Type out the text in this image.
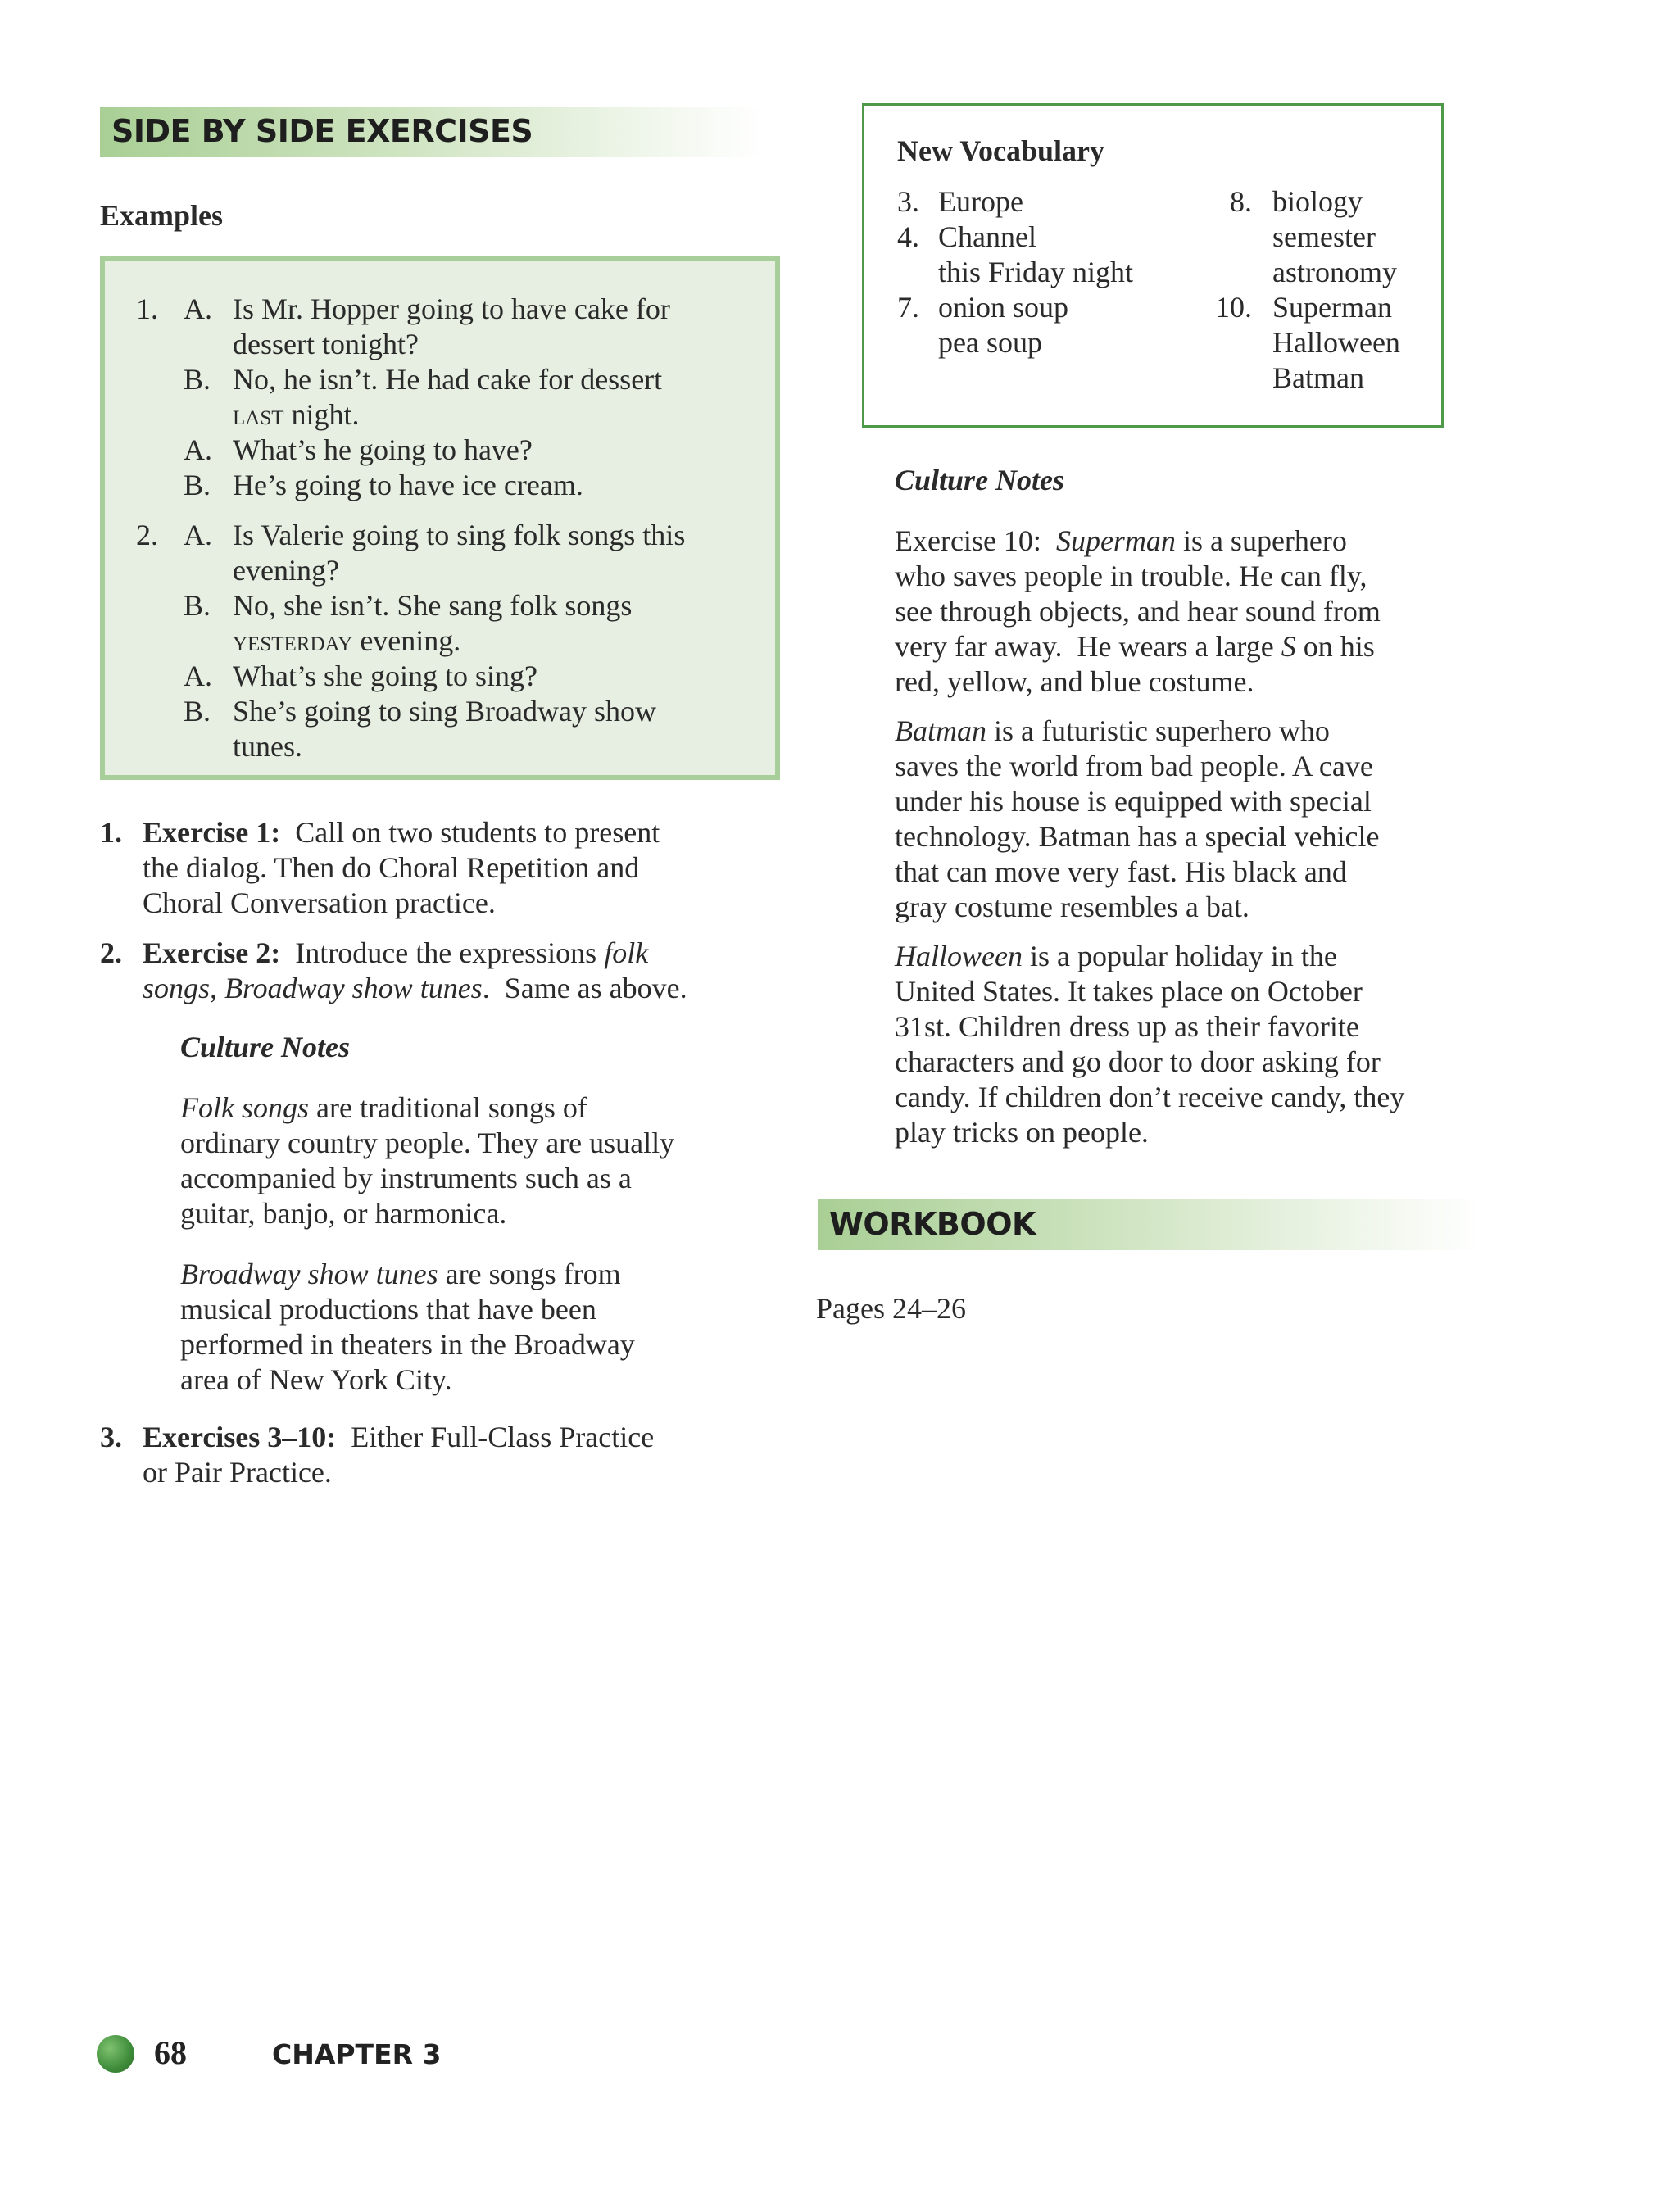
SIDE BY SIDE EXERCISES
Examples
1. A. Is Mr. Hopper going to have cake for
dessert tonight?
B. No, he isn’t. He had cake for dessert
last night.
A. What’s he going to have?
B. He’s going to have ice cream.
2. A. Is Valerie going to sing folk songs this
evening?
B. No, she isn’t. She sang folk songs
yesterday evening.
A. What’s she going to sing?
B. She’s going to sing Broadway show
tunes.
1. Exercise 1:  Call on two students to present
the dialog. Then do Choral Repetition and
Choral Conversation practice.
2. Exercise 2:  Introduce the expressions folk
songs, Broadway show tunes.  Same as above.
Culture Notes
Folk songs are traditional songs of
ordinary country people. They are usually
accompanied by instruments such as a
guitar, banjo, or harmonica.
Broadway show tunes are songs from
musical productions that have been
performed in theaters in the Broadway
area of New York City.
3. Exercises 3–10:  Either Full-Class Practice
or Pair Practice.
New Vocabulary
3. Europe
4. Channel
this Friday night
7. onion soup
pea soup
8. biology
semester
astronomy
10. Superman
Halloween
Batman
Culture Notes
Exercise 10:  Superman is a superhero
who saves people in trouble. He can fly,
see through objects, and hear sound from
very far away.  He wears a large S on his
red, yellow, and blue costume.
Batman is a futuristic superhero who
saves the world from bad people. A cave
under his house is equipped with special
technology. Batman has a special vehicle
that can move very fast. His black and
gray costume resembles a bat.
Halloween is a popular holiday in the
United States. It takes place on October
31st. Children dress up as their favorite
characters and go door to door asking for
candy. If children don’t receive candy, they
play tricks on people.
WORKBOOK
Pages 24–26
68	CHAPTER 3
